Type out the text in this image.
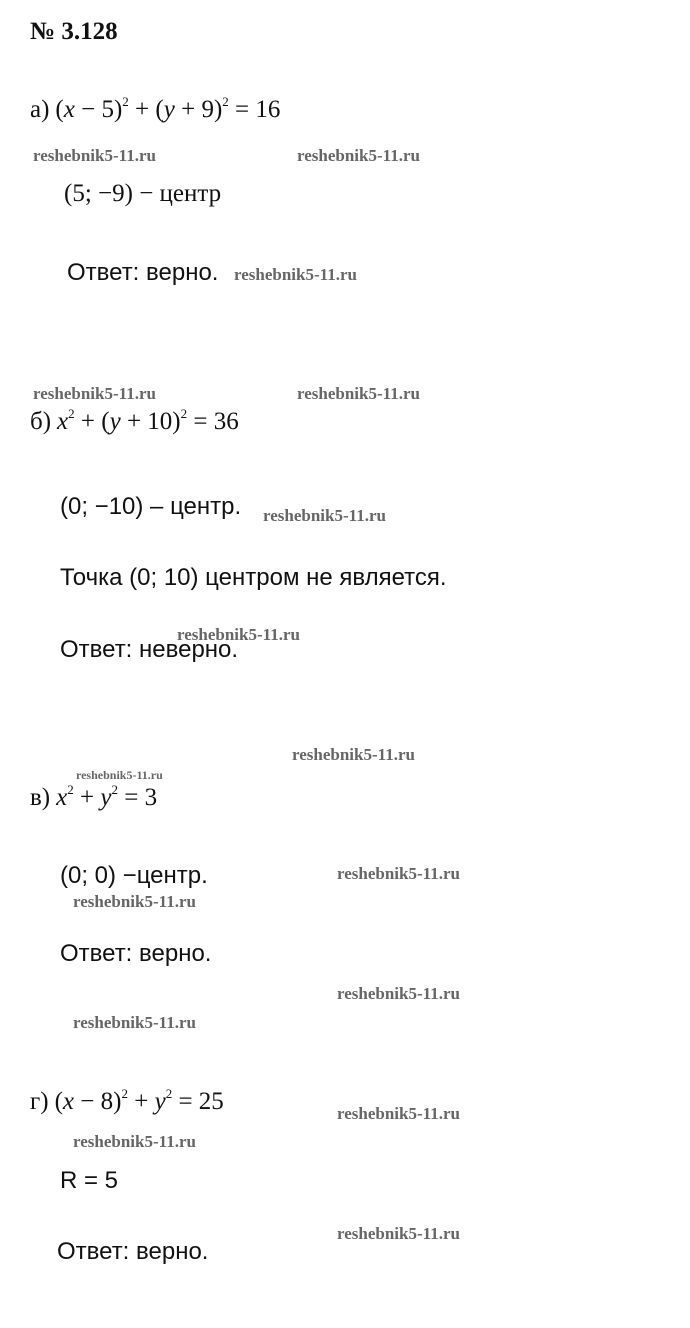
№ 3.128
а) $(x - 5)^2 + (y + 9)^2 = 16$
reshebnik5-11.ru	reshebnik5-11.ru
(5; −9) − центр
Ответ: верно. reshebnik5-11.ru
reshebnik5-11.ru	reshebnik5-11.ru
б) $x^2 + (y + 10)^2 = 36$
(0; −10) – центр. reshebnik5-11.ru
Точка (0; 10) центром не является.
reshebnik5-11.ru
Ответ: неверно.
reshebnik5-11.ru
reshebnik5-11.ru
в) $x^2 + y^2 = 3$
(0; 0) −центр.	reshebnik5-11.ru
reshebnik5-11.ru
Ответ: верно.
reshebnik5-11.ru
reshebnik5-11.ru
г) $(x - 8)^2 + y^2 = 25$	reshebnik5-11.ru
reshebnik5-11.ru
R = 5
reshebnik5-11.ru
Ответ: верно.
